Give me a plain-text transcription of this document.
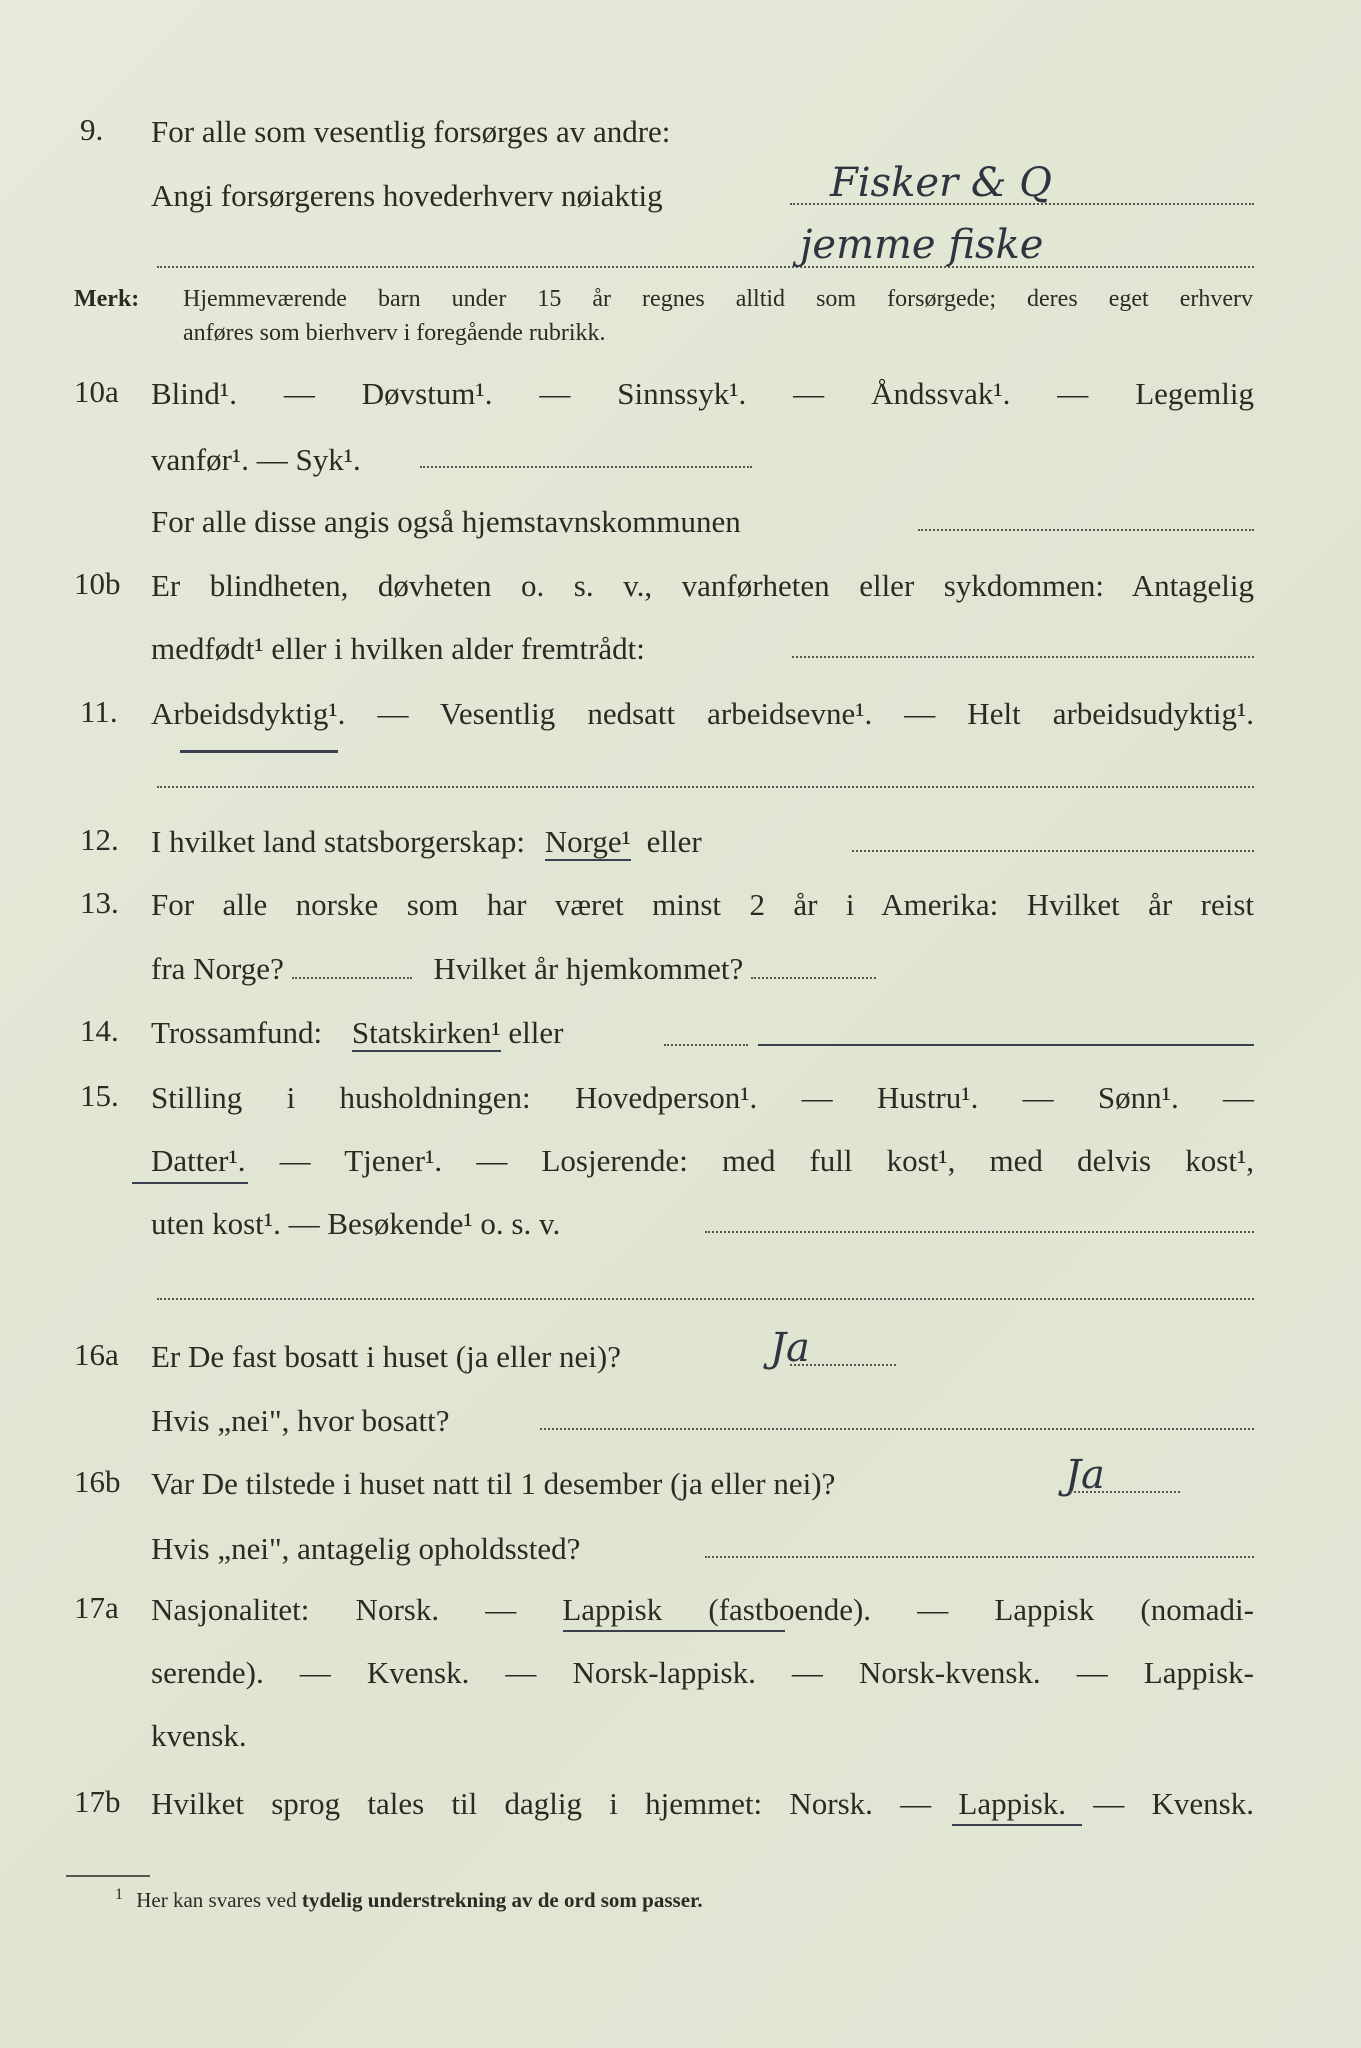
9. For alle som vesentlig forsørges av andre:
Angi forsørgerens hovederhverv nøiaktig	Fisker & Q
jemme fiske
Merk: Hjemmeværende barn under 15 år regnes alltid som forsørgede; deres eget erhverv
anføres som bierhverv i foregående rubrikk.
10a Blind¹. — Døvstum¹. — Sinnssyk¹. — Åndssvak¹. — Legemlig
vanfør¹. — Syk¹.
For alle disse angis også hjemstavnskommunen
10b Er blindheten, døvheten o. s. v., vanførheten eller sykdommen: Antagelig
medfødt¹ eller i hvilken alder fremtrådt:
11. Arbeidsdyktig¹. — Vesentlig nedsatt arbeidsevne¹. — Helt arbeidsudyktig¹.
12. I hvilket land statsborgerskap: Norge¹ eller
13. For alle norske som har været minst 2 år i Amerika: Hvilket år reist
fra Norge?	Hvilket år hjemkommet?
14. Trossamfund: Statskirken¹ eller
15. Stilling i husholdningen: Hovedperson¹. — Hustru¹. — Sønn¹. —
Datter¹. — Tjener¹. — Losjerende: med full kost¹, med delvis kost¹,
uten kost¹. — Besøkende¹ o. s. v.
16a Er De fast bosatt i huset (ja eller nei)?	Ja
Hvis „nei", hvor bosatt?
16b Var De tilstede i huset natt til 1 desember (ja eller nei)?	Ja
Hvis „nei", antagelig opholdssted?
17a Nasjonalitet: Norsk. — Lappisk (fastboende). — Lappisk (nomadi-
serende). — Kvensk. — Norsk-lappisk. — Norsk-kvensk. — Lappisk-
kvensk.
17b Hvilket sprog tales til daglig i hjemmet: Norsk. — Lappisk. — Kvensk.
$^1$ Her kan svares ved tydelig understrekning av de ord som passer.
